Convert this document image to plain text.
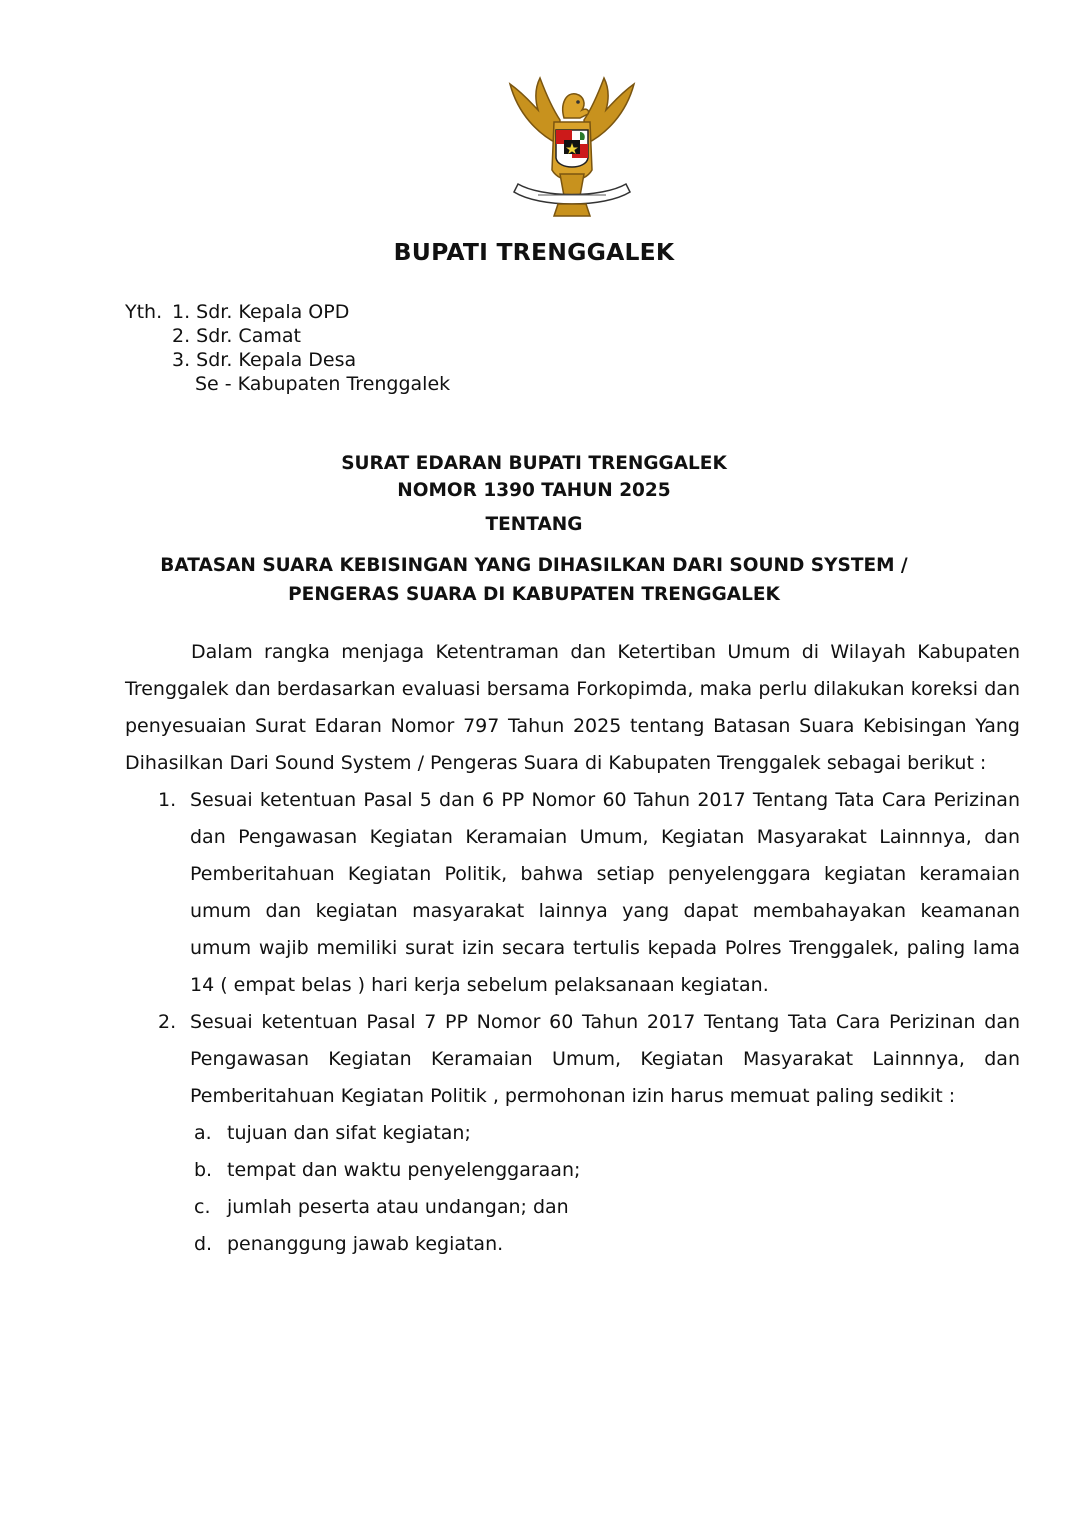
BUPATI TRENGGALEK
Yth. 1. Sdr. Kepala OPD
2. Sdr. Camat
3. Sdr. Kepala Desa
Se - Kabupaten Trenggalek
SURAT EDARAN BUPATI TRENGGALEK
NOMOR 1390 TAHUN 2025
TENTANG
BATASAN SUARA KEBISINGAN YANG DIHASILKAN DARI SOUND SYSTEM /
PENGERAS SUARA DI KABUPATEN TRENGGALEK

Dalam rangka menjaga Ketentraman dan Ketertiban Umum di Wilayah Kabupaten Trenggalek dan berdasarkan evaluasi bersama Forkopimda, maka perlu dilakukan koreksi dan penyesuaian Surat Edaran Nomor 797 Tahun 2025 tentang Batasan Suara Kebisingan Yang Dihasilkan Dari Sound System / Pengeras Suara di Kabupaten Trenggalek sebagai berikut :

1. Sesuai ketentuan Pasal 5 dan 6 PP Nomor 60 Tahun 2017 Tentang Tata Cara Perizinan dan Pengawasan Kegiatan Keramaian Umum, Kegiatan Masyarakat Lainnnya, dan Pemberitahuan Kegiatan Politik, bahwa setiap penyelenggara kegiatan keramaian umum dan kegiatan masyarakat lainnya yang dapat membahayakan keamanan umum wajib memiliki surat izin secara tertulis kepada Polres Trenggalek, paling lama 14 ( empat belas ) hari kerja sebelum pelaksanaan kegiatan.
2. Sesuai ketentuan Pasal 7 PP Nomor 60 Tahun 2017 Tentang Tata Cara Perizinan dan Pengawasan Kegiatan Keramaian Umum, Kegiatan Masyarakat Lainnnya, dan Pemberitahuan Kegiatan Politik , permohonan izin harus memuat paling sedikit :
a. tujuan dan sifat kegiatan;
b. tempat dan waktu penyelenggaraan;
c. jumlah peserta atau undangan; dan
d. penanggung jawab kegiatan.
